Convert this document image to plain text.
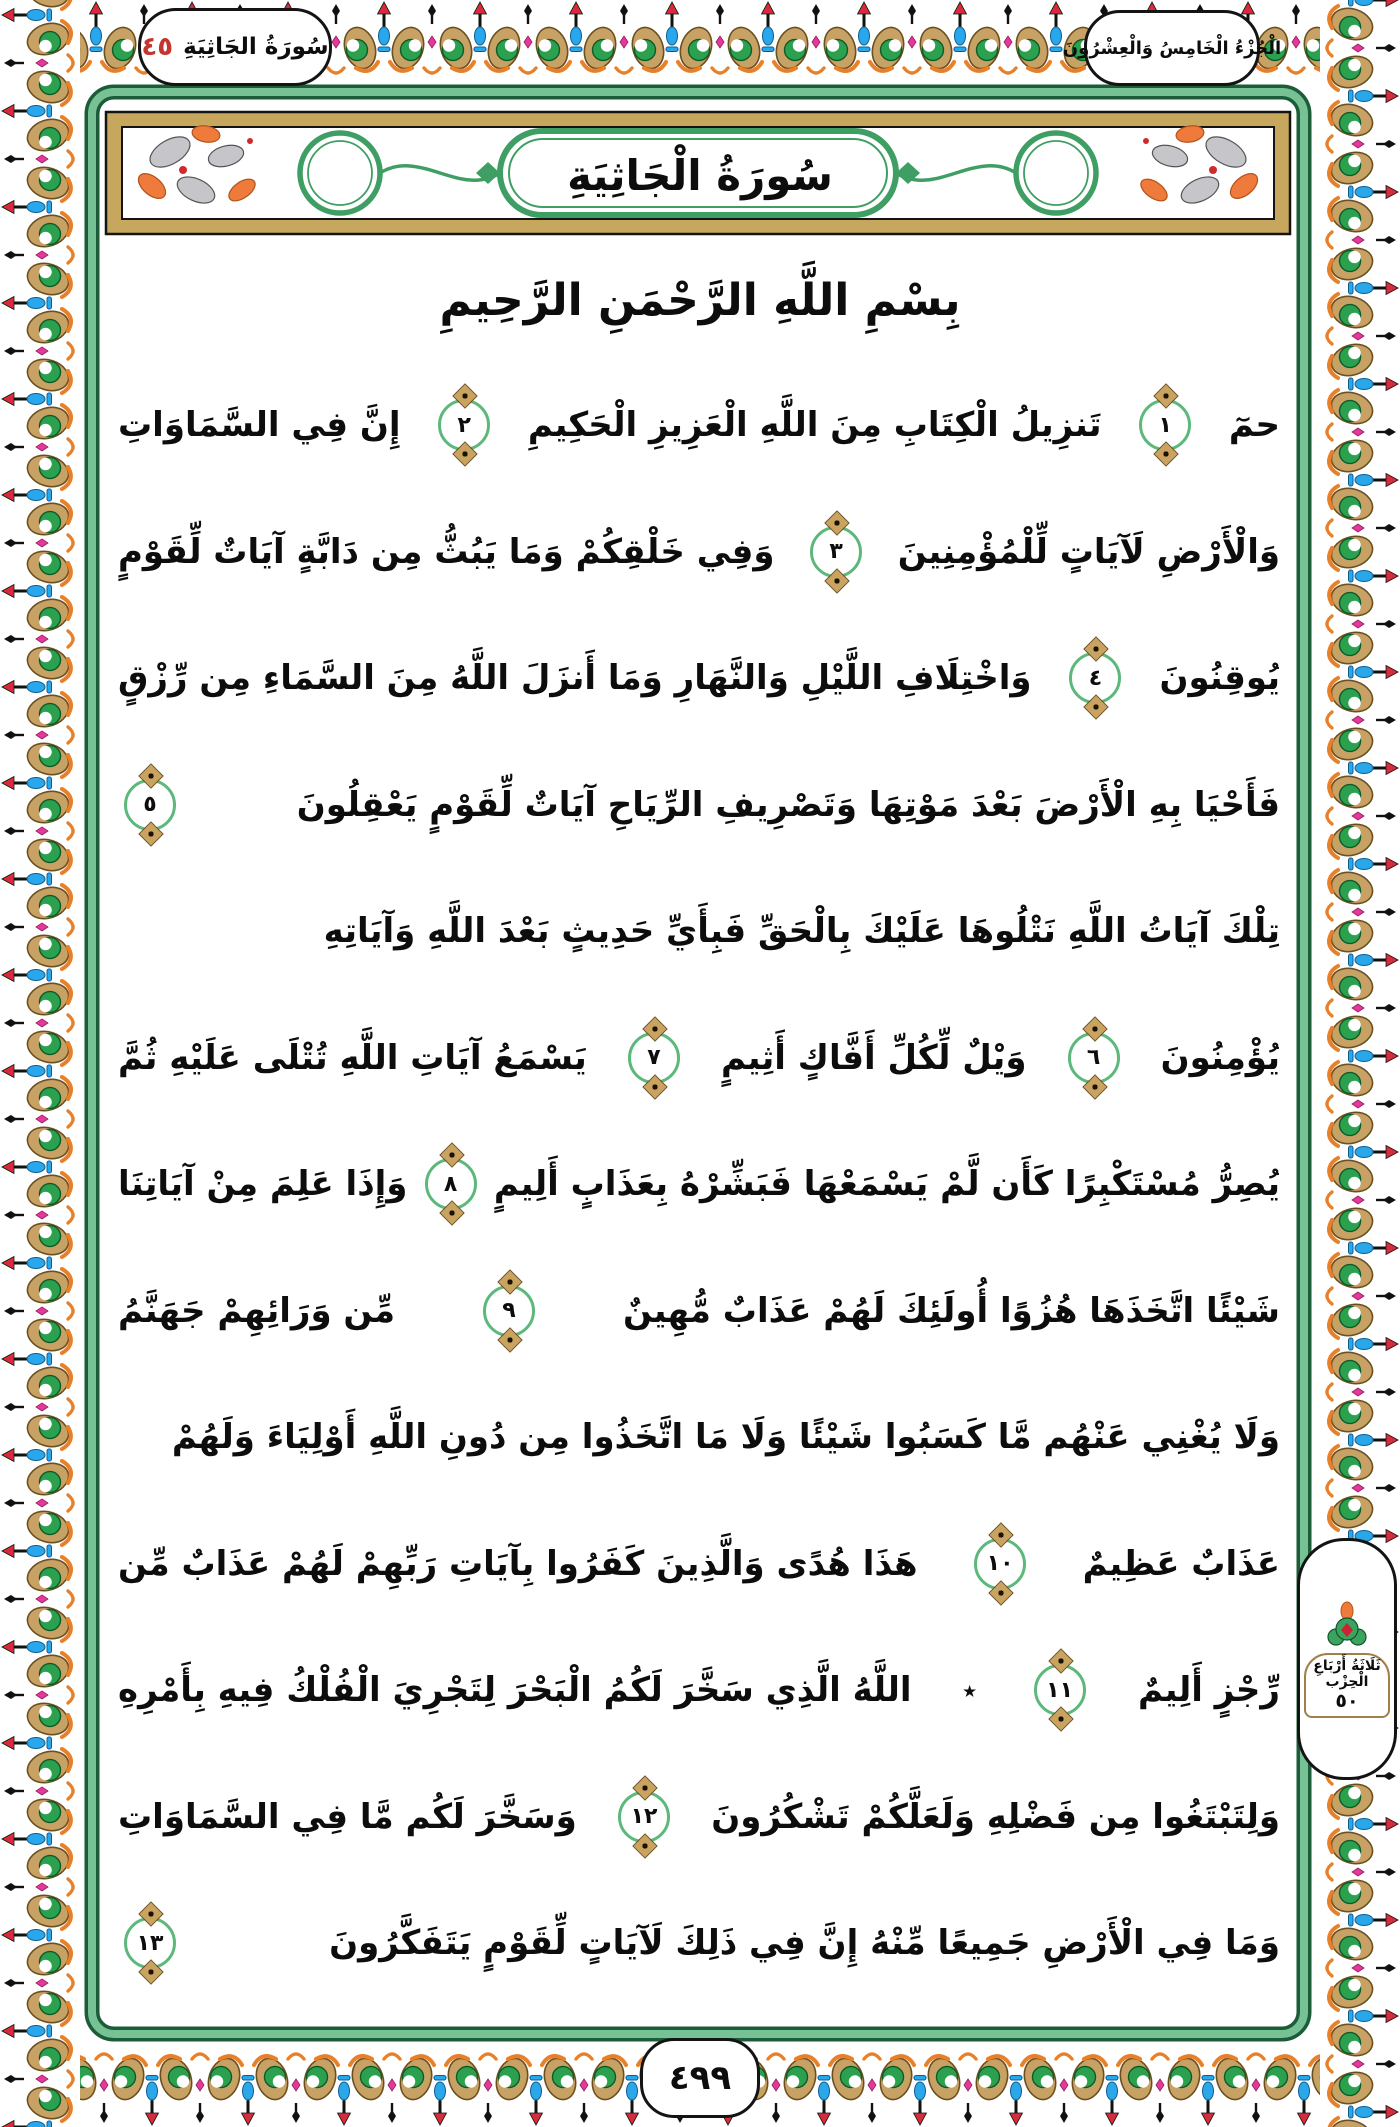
سُورَةُ الجَاثِيَةِ
٤٥	الْجُزْءُ الْخَامِسُ وَالْعِشْرُونَ
سُورَةُ الْجَاثِيَةِ
بِسْمِ اللَّهِ الرَّحْمَنِ الرَّحِيمِ
حمٓ
١
تَنزِيلُ الْكِتَابِ مِنَ اللَّهِ الْعَزِيزِ الْحَكِيمِ
٢
إِنَّ فِي السَّمَاوَاتِ
وَالْأَرْضِ لَآيَاتٍ لِّلْمُؤْمِنِينَ
٣
وَفِي خَلْقِكُمْ وَمَا يَبُثُّ مِن دَابَّةٍ آيَاتٌ لِّقَوْمٍ
يُوقِنُونَ
٤
وَاخْتِلَافِ اللَّيْلِ وَالنَّهَارِ وَمَا أَنزَلَ اللَّهُ مِنَ السَّمَاءِ مِن رِّزْقٍ
فَأَحْيَا بِهِ الْأَرْضَ بَعْدَ مَوْتِهَا وَتَصْرِيفِ الرِّيَاحِ آيَاتٌ لِّقَوْمٍ يَعْقِلُونَ
٥
تِلْكَ آيَاتُ اللَّهِ نَتْلُوهَا عَلَيْكَ بِالْحَقِّ فَبِأَيِّ حَدِيثٍ بَعْدَ اللَّهِ وَآيَاتِهِ
يُؤْمِنُونَ
٦
وَيْلٌ لِّكُلِّ أَفَّاكٍ أَثِيمٍ
٧
يَسْمَعُ آيَاتِ اللَّهِ تُتْلَى عَلَيْهِ ثُمَّ
يُصِرُّ مُسْتَكْبِرًا كَأَن لَّمْ يَسْمَعْهَا فَبَشِّرْهُ بِعَذَابٍ أَلِيمٍ
٨
وَإِذَا عَلِمَ مِنْ آيَاتِنَا
شَيْئًا اتَّخَذَهَا هُزُوًا أُولَئِكَ لَهُمْ عَذَابٌ مُّهِينٌ
٩
مِّن وَرَائِهِمْ جَهَنَّمُ
وَلَا يُغْنِي عَنْهُم مَّا كَسَبُوا شَيْئًا وَلَا مَا اتَّخَذُوا مِن دُونِ اللَّهِ أَوْلِيَاءَ وَلَهُمْ
عَذَابٌ عَظِيمٌ
١٠
هَذَا هُدًى وَالَّذِينَ كَفَرُوا بِآيَاتِ رَبِّهِمْ لَهُمْ عَذَابٌ مِّن
رِّجْزٍ أَلِيمٌ
١١
٭
اللَّهُ الَّذِي سَخَّرَ لَكُمُ الْبَحْرَ لِتَجْرِيَ الْفُلْكُ فِيهِ بِأَمْرِهِ
وَلِتَبْتَغُوا مِن فَضْلِهِ وَلَعَلَّكُمْ تَشْكُرُونَ
١٢
وَسَخَّرَ لَكُم مَّا فِي السَّمَاوَاتِ
وَمَا فِي الْأَرْضِ جَمِيعًا مِّنْهُ إِنَّ فِي ذَلِكَ لَآيَاتٍ لِّقَوْمٍ يَتَفَكَّرُونَ
١٣
ثَلَاثَةُ أَرْبَاعِ
الْحِزْب
٥٠
٤٩٩
